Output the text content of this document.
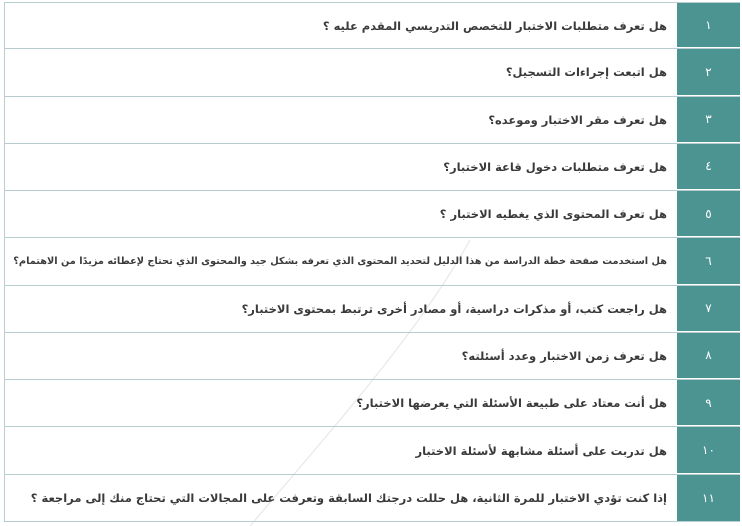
هل تعرف متطلبات الاختبار للتخصص التدريسي المقدم عليه ؟	١
هل اتبعت إجراءات التسجيل؟	٢
هل تعرف مقر الاختبار وموعده؟	٣
هل تعرف متطلبات دخول قاعة الاختبار؟	٤
هل تعرف المحتوى الذي يغطيه الاختبار ؟	٥
هل استخدمت صفحة خطة الدراسة من هذا الدليل لتحديد المحتوى الذي تعرفه بشكل جيد والمحتوى الذي تحتاج لإعطائه مزيدًا من الاهتمام؟	٦
هل راجعت كتب، أو مذكرات دراسية، أو مصادر أخرى ترتبط بمحتوى الاختبار؟	٧
هل تعرف زمن الاختبار وعدد أسئلته؟	٨
هل أنت معتاد على طبيعة الأسئلة التي يعرضها الاختبار؟	٩
هل تدربت على أسئلة مشابهة لأسئلة الاختبار	١٠
إذا كنت تؤدي الاختبار للمرة الثانية، هل حللت درجتك السابقة وتعرفت على المجالات التي تحتاج منك إلى مراجعة ؟	١١
